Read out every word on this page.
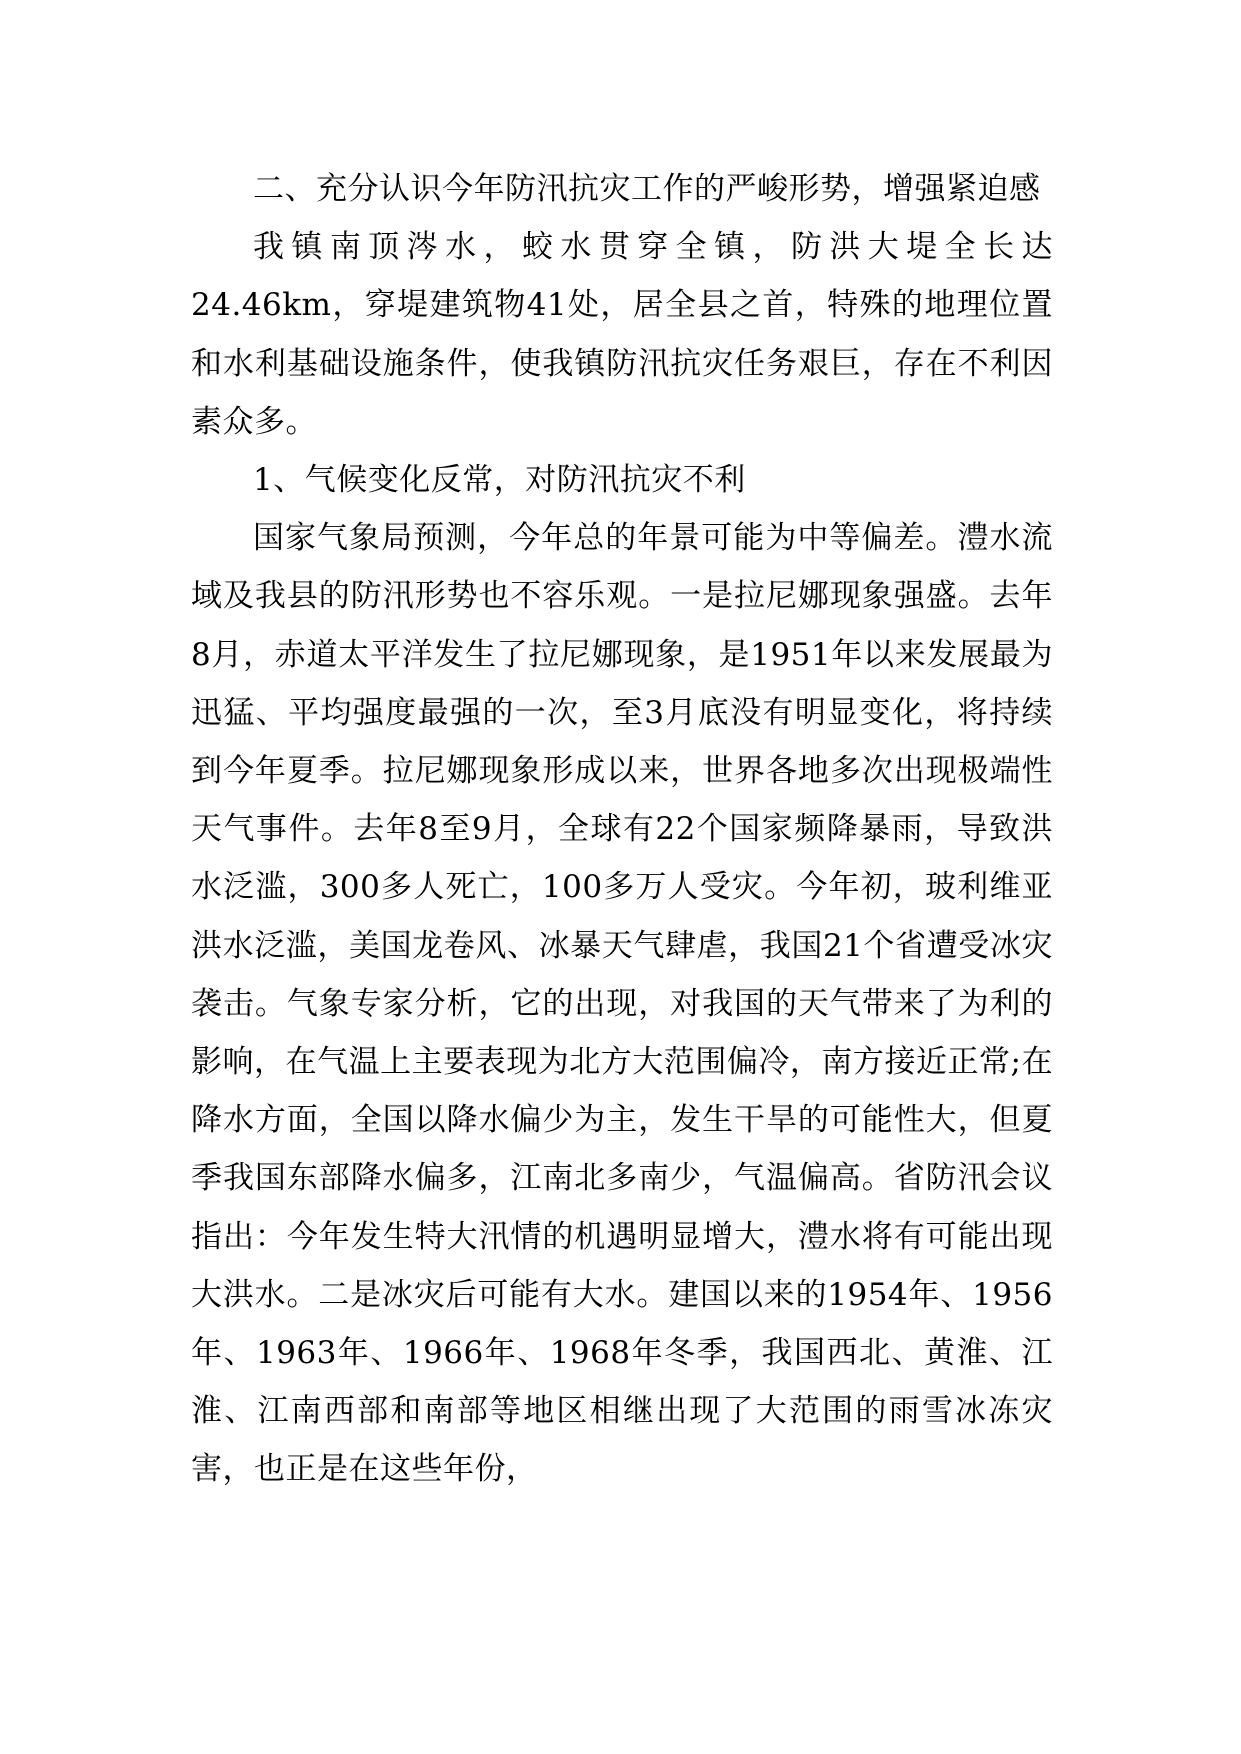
二、充分认识今年防汛抗灾工作的严峻形势，增强紧迫感

我镇南顶涔水，蛟水贯穿全镇，防洪大堤全长达24.46km，穿堤建筑物41处，居全县之首，特殊的地理位置和水利基础设施条件，使我镇防汛抗灾任务艰巨，存在不利因素众多。

1、气候变化反常，对防汛抗灾不利

国家气象局预测，今年总的年景可能为中等偏差。澧水流域及我县的防汛形势也不容乐观。一是拉尼娜现象强盛。去年8月，赤道太平洋发生了拉尼娜现象，是1951年以来发展最为迅猛、平均强度最强的一次，至3月底没有明显变化，将持续到今年夏季。拉尼娜现象形成以来，世界各地多次出现极端性天气事件。去年8至9月，全球有22个国家频降暴雨，导致洪水泛滥，300多人死亡，100多万人受灾。今年初，玻利维亚洪水泛滥，美国龙卷风、冰暴天气肆虐，我国21个省遭受冰灾袭击。气象专家分析，它的出现，对我国的天气带来了为利的影响，在气温上主要表现为北方大范围偏冷，南方接近正常;在降水方面，全国以降水偏少为主，发生干旱的可能性大，但夏季我国东部降水偏多，江南北多南少，气温偏高。省防汛会议指出：今年发生特大汛情的机遇明显增大，澧水将有可能出现大洪水。二是冰灾后可能有大水。建国以来的1954年、1956年、1963年、1966年、1968年冬季，我国西北、黄淮、江淮、江南西部和南部等地区相继出现了大范围的雨雪冰冻灾害，也正是在这些年份，
